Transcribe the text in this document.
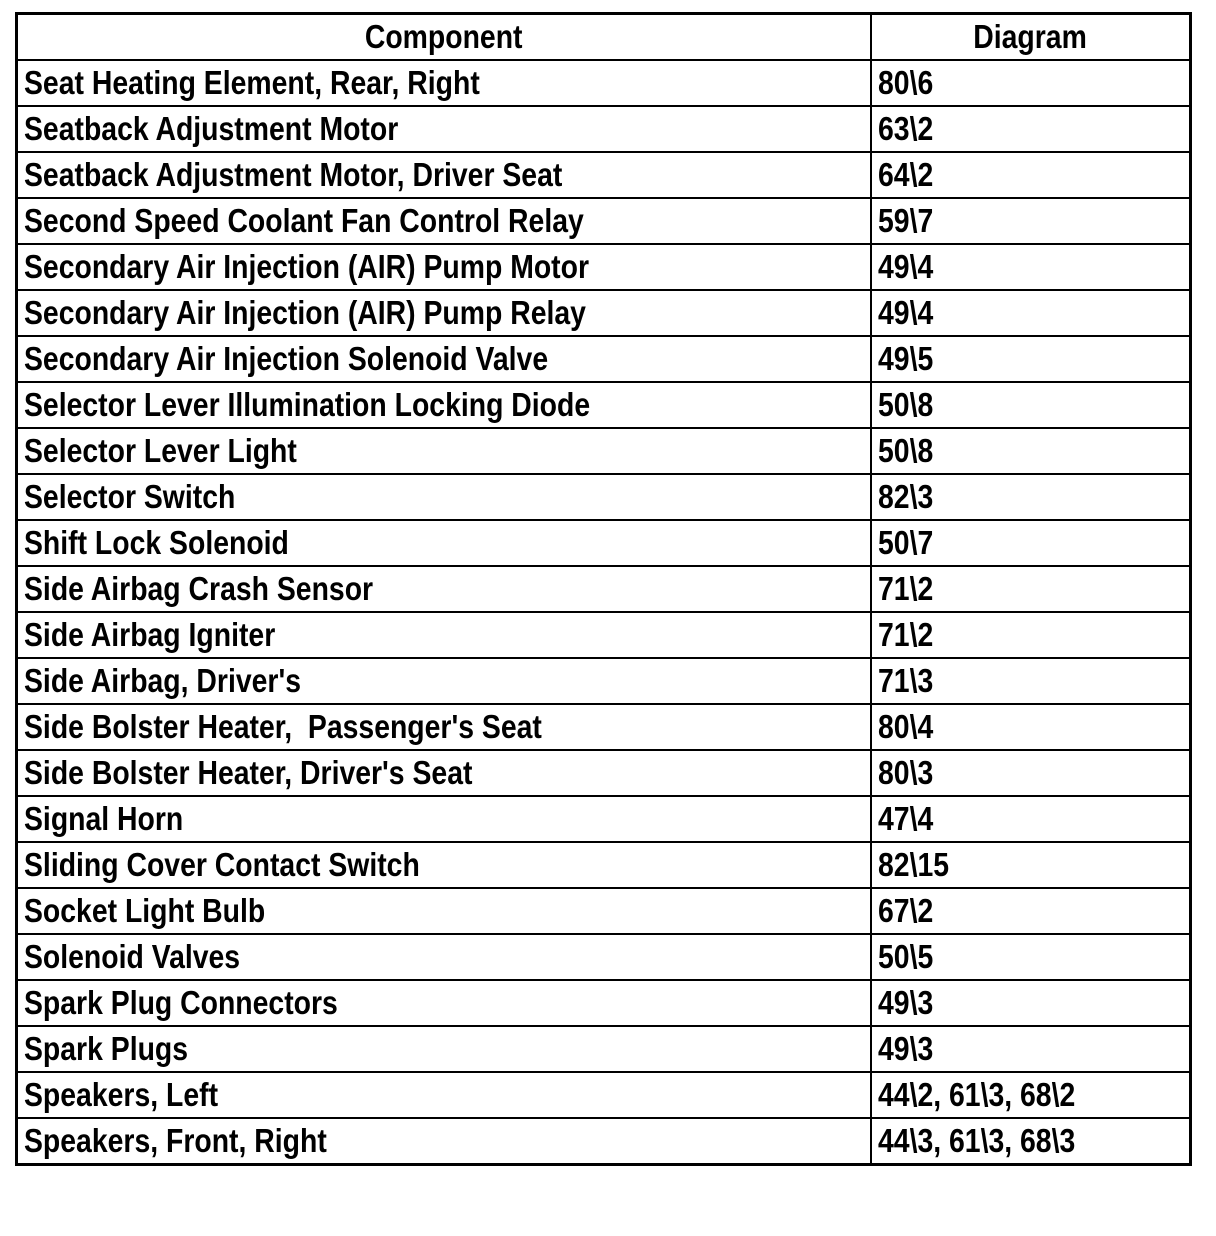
Component	Diagram
Seat Heating Element, Rear, Right	80\6
Seatback Adjustment Motor	63\2
Seatback Adjustment Motor, Driver Seat	64\2
Second Speed Coolant Fan Control Relay	59\7
Secondary Air Injection (AIR) Pump Motor	49\4
Secondary Air Injection (AIR) Pump Relay	49\4
Secondary Air Injection Solenoid Valve	49\5
Selector Lever Illumination Locking Diode	50\8
Selector Lever Light	50\8
Selector Switch	82\3
Shift Lock Solenoid	50\7
Side Airbag Crash Sensor	71\2
Side Airbag Igniter	71\2
Side Airbag, Driver's	71\3
Side Bolster Heater,  Passenger's Seat	80\4
Side Bolster Heater, Driver's Seat	80\3
Signal Horn	47\4
Sliding Cover Contact Switch	82\15
Socket Light Bulb	67\2
Solenoid Valves	50\5
Spark Plug Connectors	49\3
Spark Plugs	49\3
Speakers, Left	44\2, 61\3, 68\2
Speakers, Front, Right	44\3, 61\3, 68\3
